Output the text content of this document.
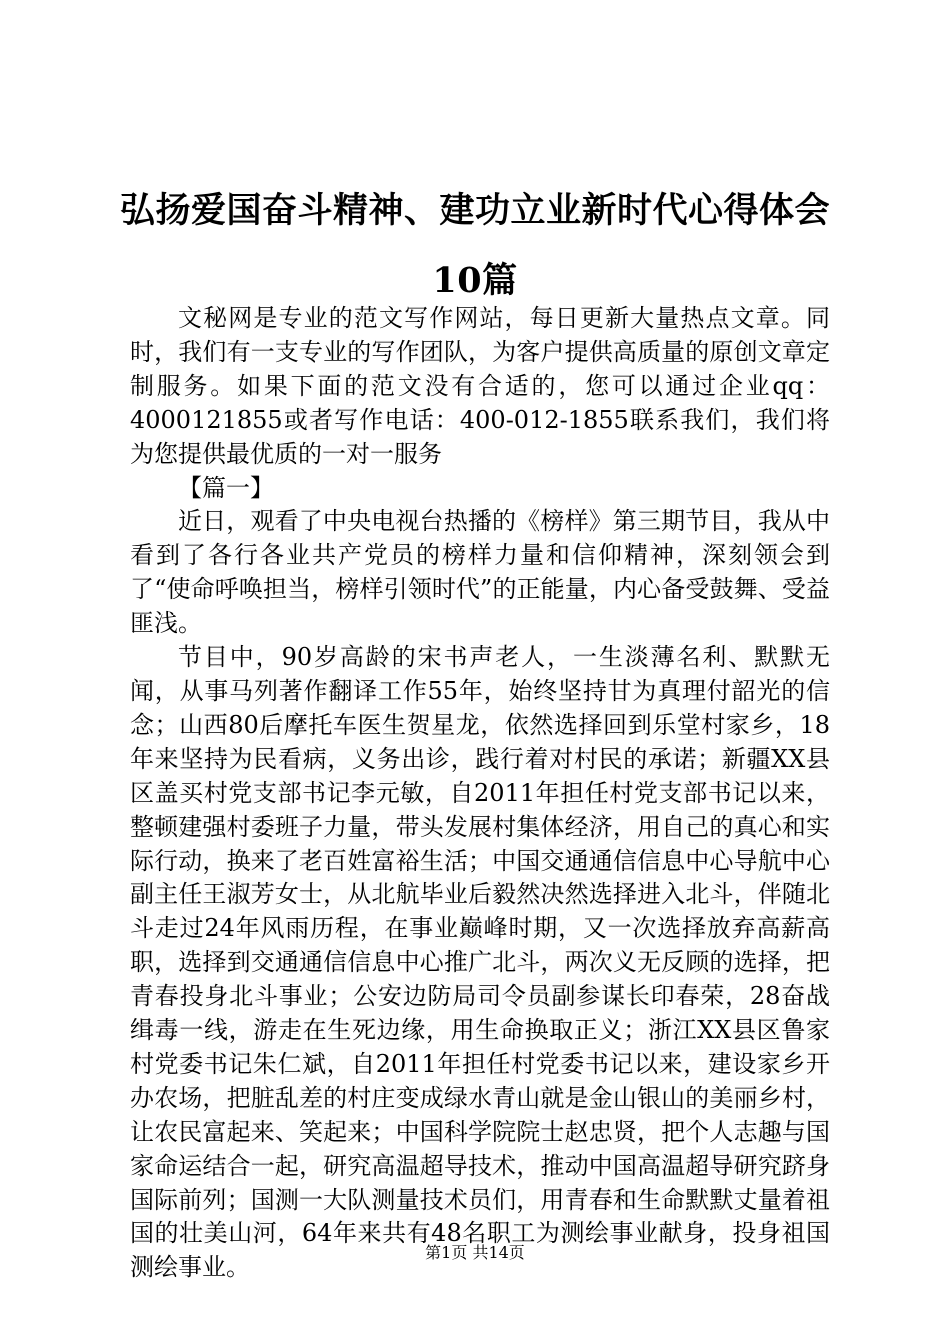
弘扬爱国奋斗精神、建功立业新时代心得体会10篇

文秘网是专业的范文写作网站，每日更新大量热点文章。同时，我们有一支专业的写作团队，为客户提供高质量的原创文章定制服务。如果下面的范文没有合适的，您可以通过企业qq：4000121855或者写作电话：400-012-1855联系我们，我们将为您提供最优质的一对一服务

【篇一】

近日，观看了中央电视台热播的《榜样》第三期节目，我从中看到了各行各业共产党员的榜样力量和信仰精神，深刻领会到了“使命呼唤担当，榜样引领时代”的正能量，内心备受鼓舞、受益匪浅。

节目中，90岁高龄的宋书声老人，一生淡薄名利、默默无闻，从事马列著作翻译工作55年，始终坚持甘为真理付韶光的信念；山西80后摩托车医生贺星龙，依然选择回到乐堂村家乡，18年来坚持为民看病，义务出诊，践行着对村民的承诺；新疆XX县区盖买村党支部书记李元敏，自2011年担任村党支部书记以来，整顿建强村委班子力量，带头发展村集体经济，用自己的真心和实际行动，换来了老百姓富裕生活；中国交通通信信息中心导航中心副主任王淑芳女士，从北航毕业后毅然决然选择进入北斗，伴随北斗走过24年风雨历程，在事业巅峰时期，又一次选择放弃高薪高职，选择到交通通信信息中心推广北斗，两次义无反顾的选择，把青春投身北斗事业；公安边防局司令员副参谋长印春荣，28奋战缉毒一线，游走在生死边缘，用生命换取正义；浙江XX县区鲁家村党委书记朱仁斌，自2011年担任村党委书记以来，建设家乡开办农场，把脏乱差的村庄变成绿水青山就是金山银山的美丽乡村，让农民富起来、笑起来；中国科学院院士赵忠贤，把个人志趣与国家命运结合一起，研究高温超导技术，推动中国高温超导研究跻身国际前列；国测一大队测量技术员们，用青春和生命默默丈量着祖国的壮美山河，64年来共有48名职工为测绘事业献身，投身祖国测绘事业。

第1页 共14页
